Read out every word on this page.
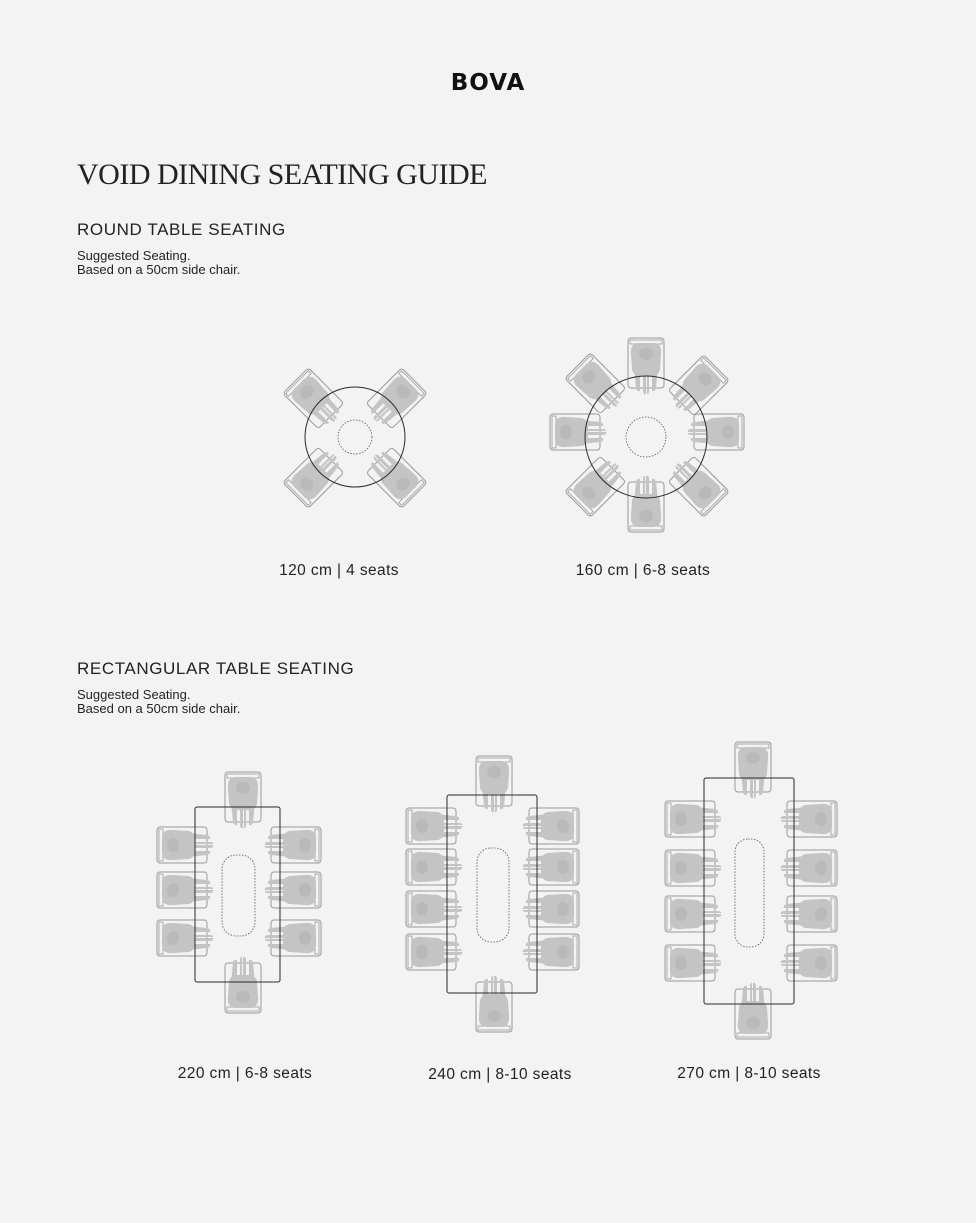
BOVA
VOID DINING SEATING GUIDE
ROUND TABLE SEATING
Suggested Seating.
Based on a 50cm side chair.
RECTANGULAR TABLE SEATING
Suggested Seating.
Based on a 50cm side chair.
120 cm | 4 seats	160 cm | 6-8 seats
220 cm | 6-8 seats	240 cm | 8-10 seats	270 cm | 8-10 seats
